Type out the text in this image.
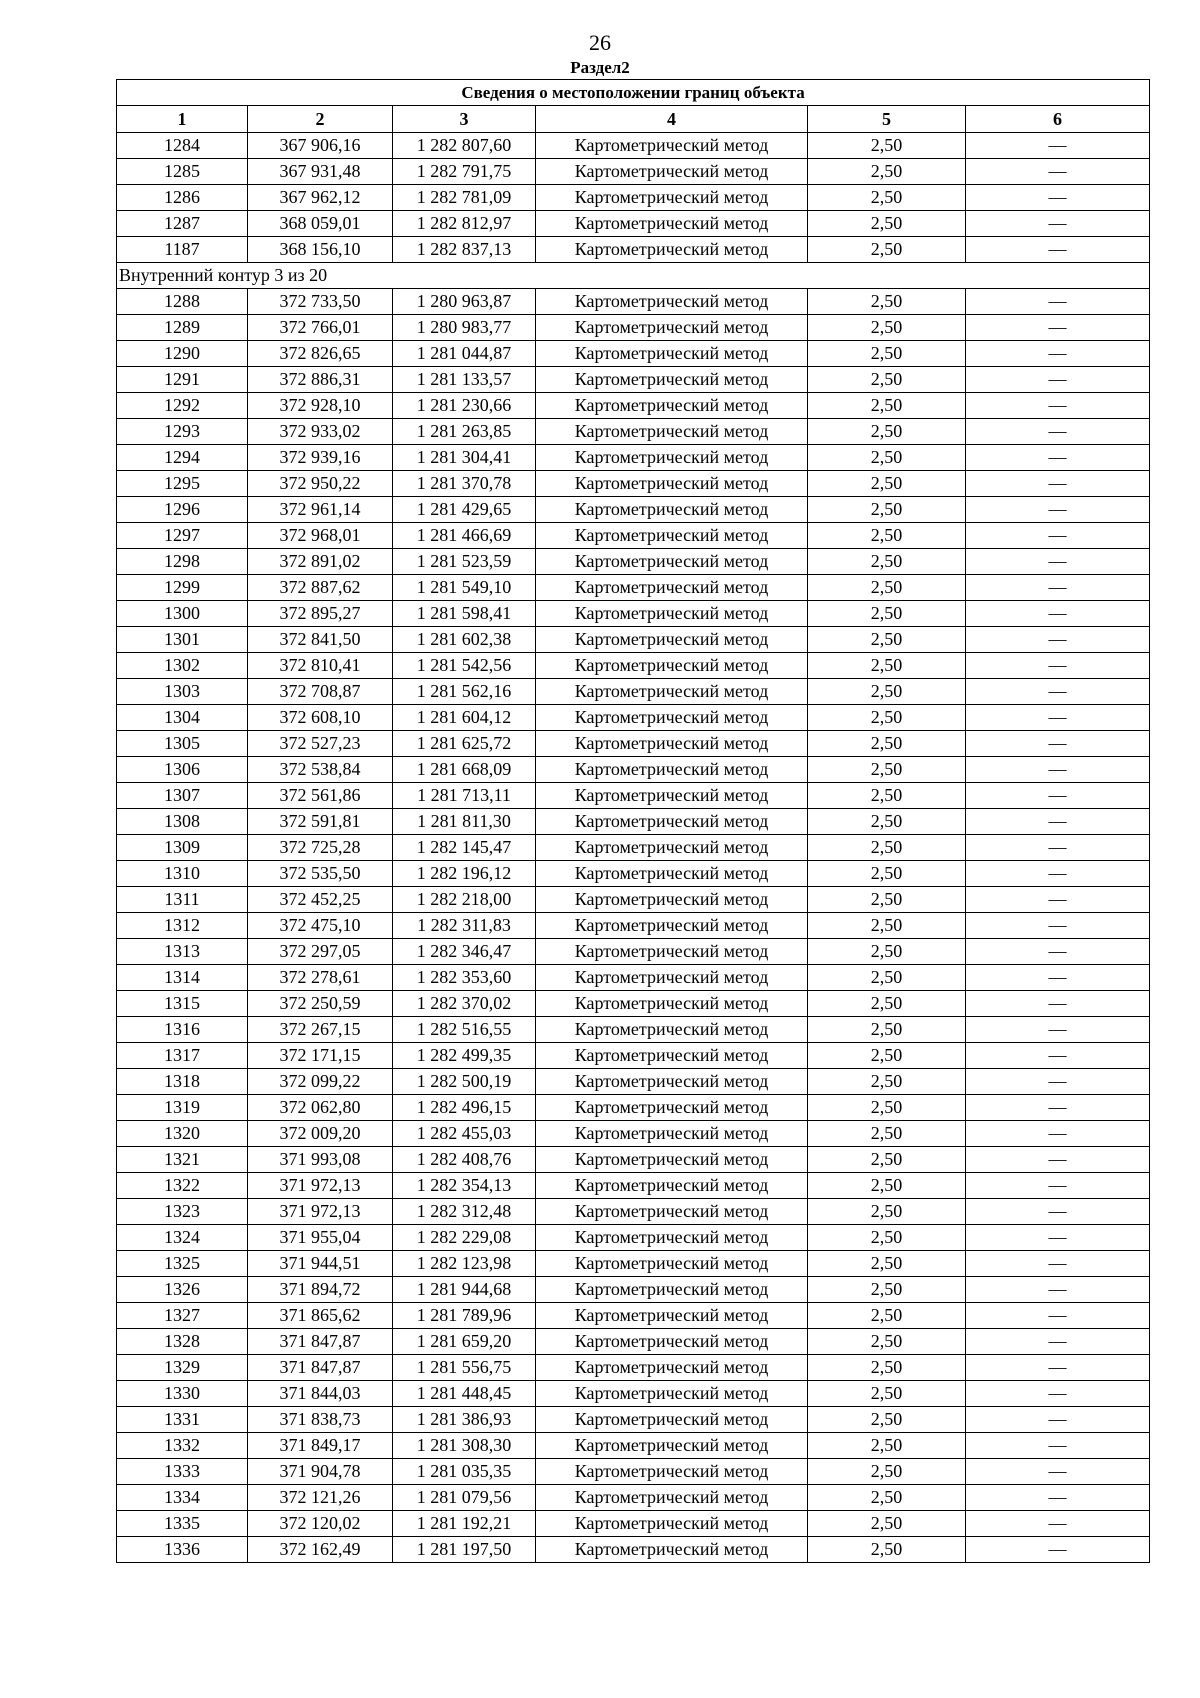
26
Раздел2
Сведения о местоположении границ объекта					
1	2	3	4	5	6
1284	367 906,16	1 282 807,60	Картометрический метод	2,50	—
1285	367 931,48	1 282 791,75	Картометрический метод	2,50	—
1286	367 962,12	1 282 781,09	Картометрический метод	2,50	—
1287	368 059,01	1 282 812,97	Картометрический метод	2,50	—
1187	368 156,10	1 282 837,13	Картометрический метод	2,50	—
Внутренний контур 3 из 20					
1288	372 733,50	1 280 963,87	Картометрический метод	2,50	—
1289	372 766,01	1 280 983,77	Картометрический метод	2,50	—
1290	372 826,65	1 281 044,87	Картометрический метод	2,50	—
1291	372 886,31	1 281 133,57	Картометрический метод	2,50	—
1292	372 928,10	1 281 230,66	Картометрический метод	2,50	—
1293	372 933,02	1 281 263,85	Картометрический метод	2,50	—
1294	372 939,16	1 281 304,41	Картометрический метод	2,50	—
1295	372 950,22	1 281 370,78	Картометрический метод	2,50	—
1296	372 961,14	1 281 429,65	Картометрический метод	2,50	—
1297	372 968,01	1 281 466,69	Картометрический метод	2,50	—
1298	372 891,02	1 281 523,59	Картометрический метод	2,50	—
1299	372 887,62	1 281 549,10	Картометрический метод	2,50	—
1300	372 895,27	1 281 598,41	Картометрический метод	2,50	—
1301	372 841,50	1 281 602,38	Картометрический метод	2,50	—
1302	372 810,41	1 281 542,56	Картометрический метод	2,50	—
1303	372 708,87	1 281 562,16	Картометрический метод	2,50	—
1304	372 608,10	1 281 604,12	Картометрический метод	2,50	—
1305	372 527,23	1 281 625,72	Картометрический метод	2,50	—
1306	372 538,84	1 281 668,09	Картометрический метод	2,50	—
1307	372 561,86	1 281 713,11	Картометрический метод	2,50	—
1308	372 591,81	1 281 811,30	Картометрический метод	2,50	—
1309	372 725,28	1 282 145,47	Картометрический метод	2,50	—
1310	372 535,50	1 282 196,12	Картометрический метод	2,50	—
1311	372 452,25	1 282 218,00	Картометрический метод	2,50	—
1312	372 475,10	1 282 311,83	Картометрический метод	2,50	—
1313	372 297,05	1 282 346,47	Картометрический метод	2,50	—
1314	372 278,61	1 282 353,60	Картометрический метод	2,50	—
1315	372 250,59	1 282 370,02	Картометрический метод	2,50	—
1316	372 267,15	1 282 516,55	Картометрический метод	2,50	—
1317	372 171,15	1 282 499,35	Картометрический метод	2,50	—
1318	372 099,22	1 282 500,19	Картометрический метод	2,50	—
1319	372 062,80	1 282 496,15	Картометрический метод	2,50	—
1320	372 009,20	1 282 455,03	Картометрический метод	2,50	—
1321	371 993,08	1 282 408,76	Картометрический метод	2,50	—
1322	371 972,13	1 282 354,13	Картометрический метод	2,50	—
1323	371 972,13	1 282 312,48	Картометрический метод	2,50	—
1324	371 955,04	1 282 229,08	Картометрический метод	2,50	—
1325	371 944,51	1 282 123,98	Картометрический метод	2,50	—
1326	371 894,72	1 281 944,68	Картометрический метод	2,50	—
1327	371 865,62	1 281 789,96	Картометрический метод	2,50	—
1328	371 847,87	1 281 659,20	Картометрический метод	2,50	—
1329	371 847,87	1 281 556,75	Картометрический метод	2,50	—
1330	371 844,03	1 281 448,45	Картометрический метод	2,50	—
1331	371 838,73	1 281 386,93	Картометрический метод	2,50	—
1332	371 849,17	1 281 308,30	Картометрический метод	2,50	—
1333	371 904,78	1 281 035,35	Картометрический метод	2,50	—
1334	372 121,26	1 281 079,56	Картометрический метод	2,50	—
1335	372 120,02	1 281 192,21	Картометрический метод	2,50	—
1336	372 162,49	1 281 197,50	Картометрический метод	2,50	—
